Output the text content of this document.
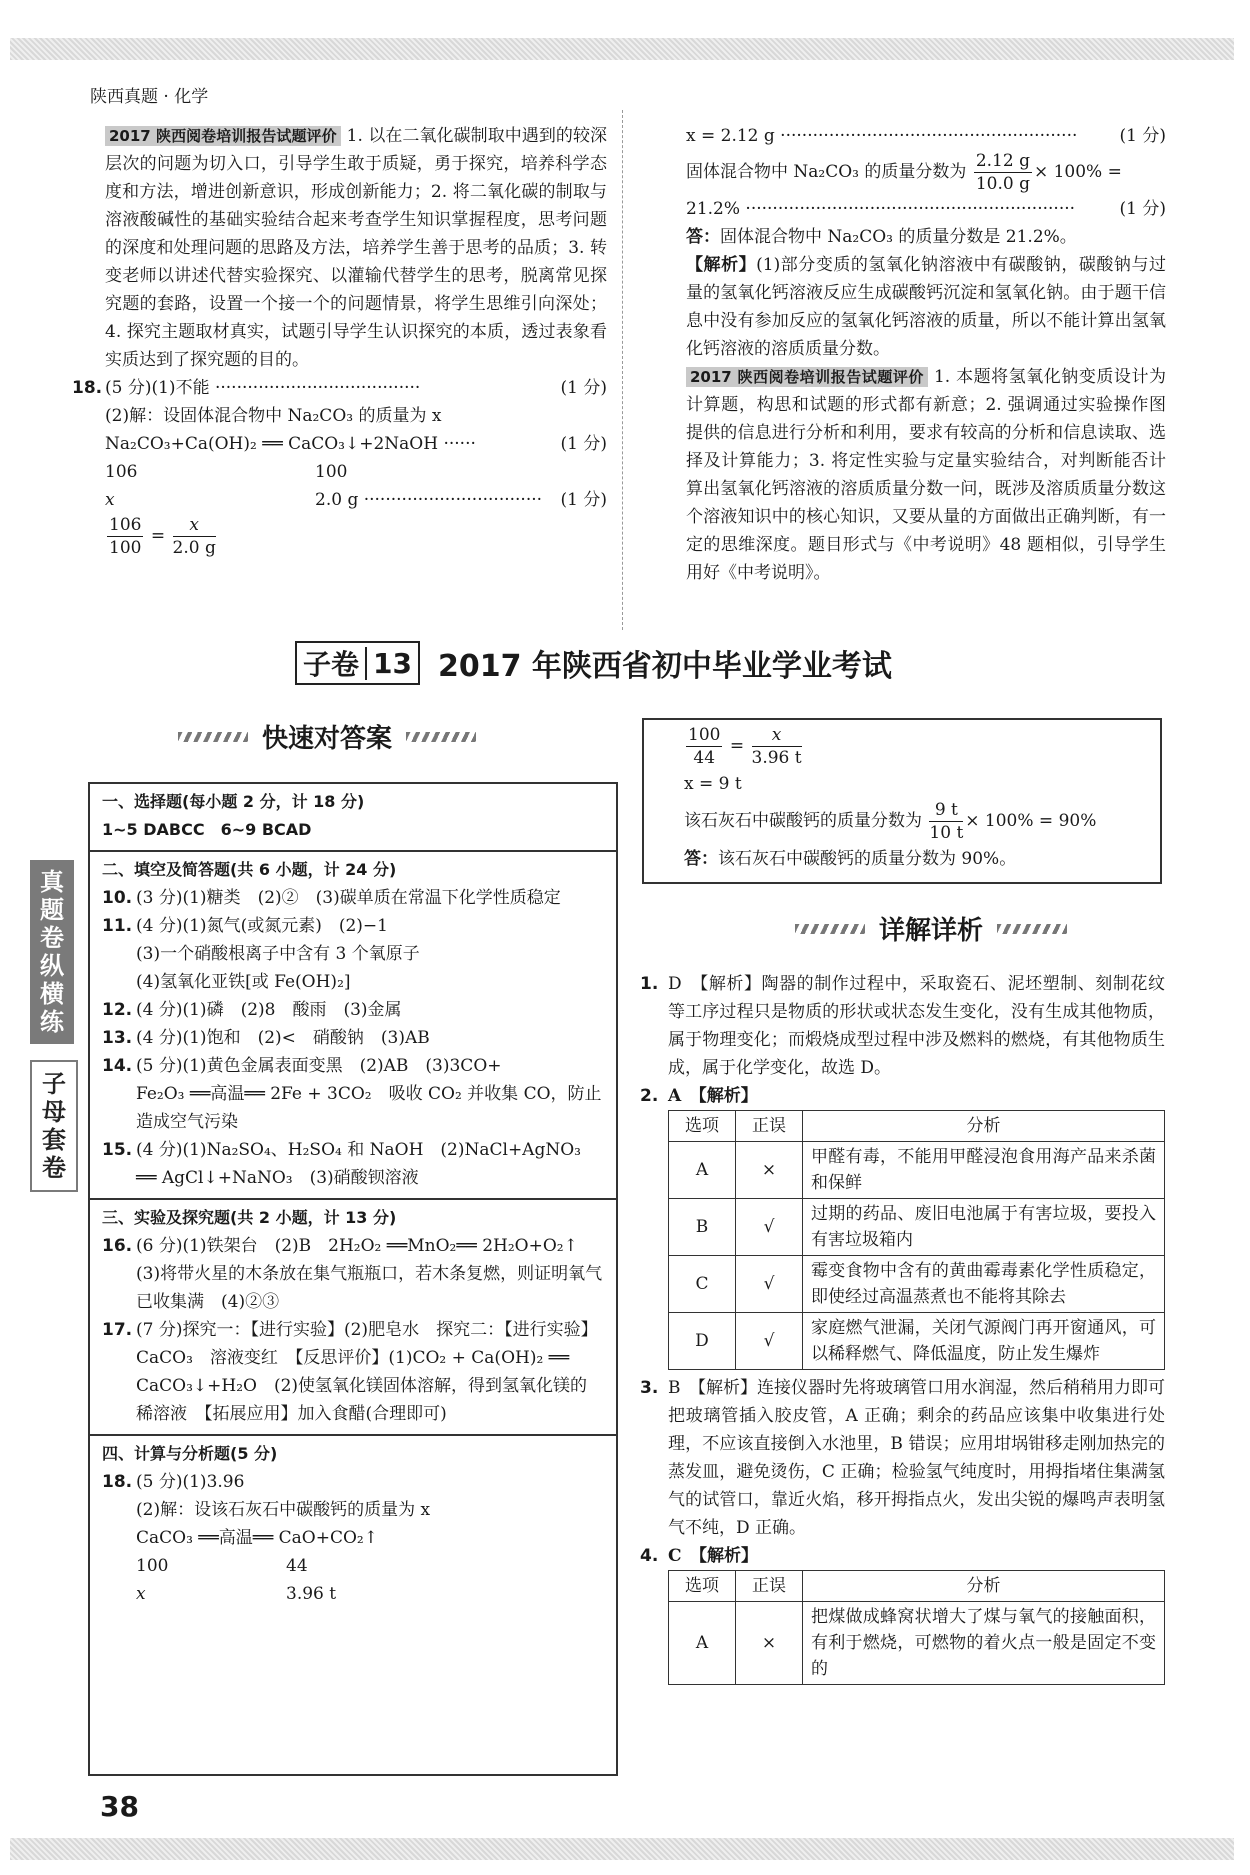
陕西真题 · 化学

2017 陕西阅卷培训报告试题评价 1. 以在二氧化碳制取中遇到的较深层次的问题为切入口，引导学生敢于质疑，勇于探究，培养科学态度和方法，增进创新意识，形成创新能力；2. 将二氧化碳的制取与溶液酸碱性的基础实验结合起来考查学生知识掌握程度，思考问题的深度和处理问题的思路及方法，培养学生善于思考的品质；3. 转变老师以讲述代替实验探究、以灌输代替学生的思考，脱离常见探究题的套路，设置一个接一个的问题情景，将学生思维引向深处；4. 探究主题取材真实，试题引导学生认识探究的本质，透过表象看实质达到了探究题的目的。

18. (5 分)(1)不能 ······································	(1 分)

(2)解：设固体混合物中 Na₂CO₃ 的质量为 x

Na₂CO₃+Ca(OH)₂ ══ CaCO₃↓+2NaOH ······	(1 分)
106	100
x	2.0 g ·································	(1 分)
$\frac{106}{100} = \frac{x}{2.0 g}$
x = 2.12 g ·······················································	(1 分)
固体混合物中 Na₂CO₃ 的质量分数为 $\frac{2.12 g}{10.0 g} \times 100\%$ =
21.2% ·····························································	(1 分)

答：固体混合物中 Na₂CO₃ 的质量分数是 21.2%。

【解析】(1)部分变质的氢氧化钠溶液中有碳酸钠，碳酸钠与过量的氢氧化钙溶液反应生成碳酸钙沉淀和氢氧化钠。由于题干信息中没有参加反应的氢氧化钙溶液的质量，所以不能计算出氢氧化钙溶液的溶质质量分数。

2017 陕西阅卷培训报告试题评价 1. 本题将氢氧化钠变质设计为计算题，构思和试题的形式都有新意；2. 强调通过实验操作图提供的信息进行分析和利用，要求有较高的分析和信息读取、选择及计算能力；3. 将定性实验与定量实验结合，对判断能否计算出氢氧化钙溶液的溶质质量分数一问，既涉及溶质质量分数这个溶液知识中的核心知识，又要从量的方面做出正确判断，有一定的思维深度。题目形式与《中考说明》48 题相似，引导学生用好《中考说明》。

子卷 13 2017 年陕西省初中毕业学业考试
快速对答案
详解详析
真题卷纵横练
子母套卷
一、选择题(每小题 2 分，计 18 分)
1~5 DABCC　6~9 BCAD
二、填空及简答题(共 6 小题，计 24 分)
10. (3 分)(1)糖类　(2)②　(3)碳单质在常温下化学性质稳定
11. (4 分)(1)氮气(或氮元素)　(2)−1
(3)一个硝酸根离子中含有 3 个氧原子
(4)氢氧化亚铁[或 Fe(OH)₂]
12. (4 分)(1)磷　(2)8　酸雨　(3)金属
13. (4 分)(1)饱和　(2)<　硝酸钠　(3)AB
14. (5 分)(1)黄色金属表面变黑　(2)AB　(3)3CO+
Fe₂O₃ ══高温══ 2Fe + 3CO₂　吸收 CO₂ 并收集 CO，防止造成空气污染
15. (4 分)(1)Na₂SO₄、H₂SO₄ 和 NaOH　(2)NaCl+AgNO₃
══ AgCl↓+NaNO₃　(3)硝酸钡溶液
三、实验及探究题(共 2 小题，计 13 分)
16. (6 分)(1)铁架台　(2)B　2H₂O₂ ══MnO₂══ 2H₂O+O₂↑
(3)将带火星的木条放在集气瓶瓶口，若木条复燃，则证明氧气已收集满　(4)②③
17. (7 分)探究一：【进行实验】(2)肥皂水　探究二：【进行实验】CaCO₃　溶液变红　【反思评价】(1)CO₂ + Ca(OH)₂ ══ CaCO₃↓+H₂O　(2)使氢氧化镁固体溶解，得到氢氧化镁的稀溶液　【拓展应用】加入食醋(合理即可)
四、计算与分析题(5 分)
18. (5 分)(1)3.96
(2)解：设该石灰石中碳酸钙的质量为 x
CaCO₃ ══高温══ CaO+CO₂↑
100	44
x	3.96 t
$\frac{100}{44} = \frac{x}{3.96 t}$
x = 9 t
该石灰石中碳酸钙的质量分数为 $\frac{9 t}{10 t} \times 100\% = 90\%$
答：该石灰石中碳酸钙的质量分数为 90%。
1. D　【解析】陶器的制作过程中，采取瓷石、泥坯塑制、刻制花纹等工序过程只是物质的形状或状态发生变化，没有生成其他物质，属于物理变化；而煅烧成型过程中涉及燃料的燃烧，有其他物质生成，属于化学变化，故选 D。
2. A　【解析】
选项	正误	分析
A	×	甲醛有毒，不能用甲醛浸泡食用海产品来杀菌和保鲜
B	√	过期的药品、废旧电池属于有害垃圾，要投入有害垃圾箱内
C	√	霉变食物中含有的黄曲霉毒素化学性质稳定，即使经过高温蒸煮也不能将其除去
D	√	家庭燃气泄漏，关闭气源阀门再开窗通风，可以稀释燃气、降低温度，防止发生爆炸
3. B　【解析】连接仪器时先将玻璃管口用水润湿，然后稍稍用力即可把玻璃管插入胶皮管，A 正确；剩余的药品应该集中收集进行处理，不应该直接倒入水池里，B 错误；应用坩埚钳移走刚加热完的蒸发皿，避免烫伤，C 正确；检验氢气纯度时，用拇指堵住集满氢气的试管口，靠近火焰，移开拇指点火，发出尖锐的爆鸣声表明氢气不纯，D 正确。
4. C　【解析】
选项	正误	分析
A	×	把煤做成蜂窝状增大了煤与氧气的接触面积，有利于燃烧，可燃物的着火点一般是固定不变的
38
